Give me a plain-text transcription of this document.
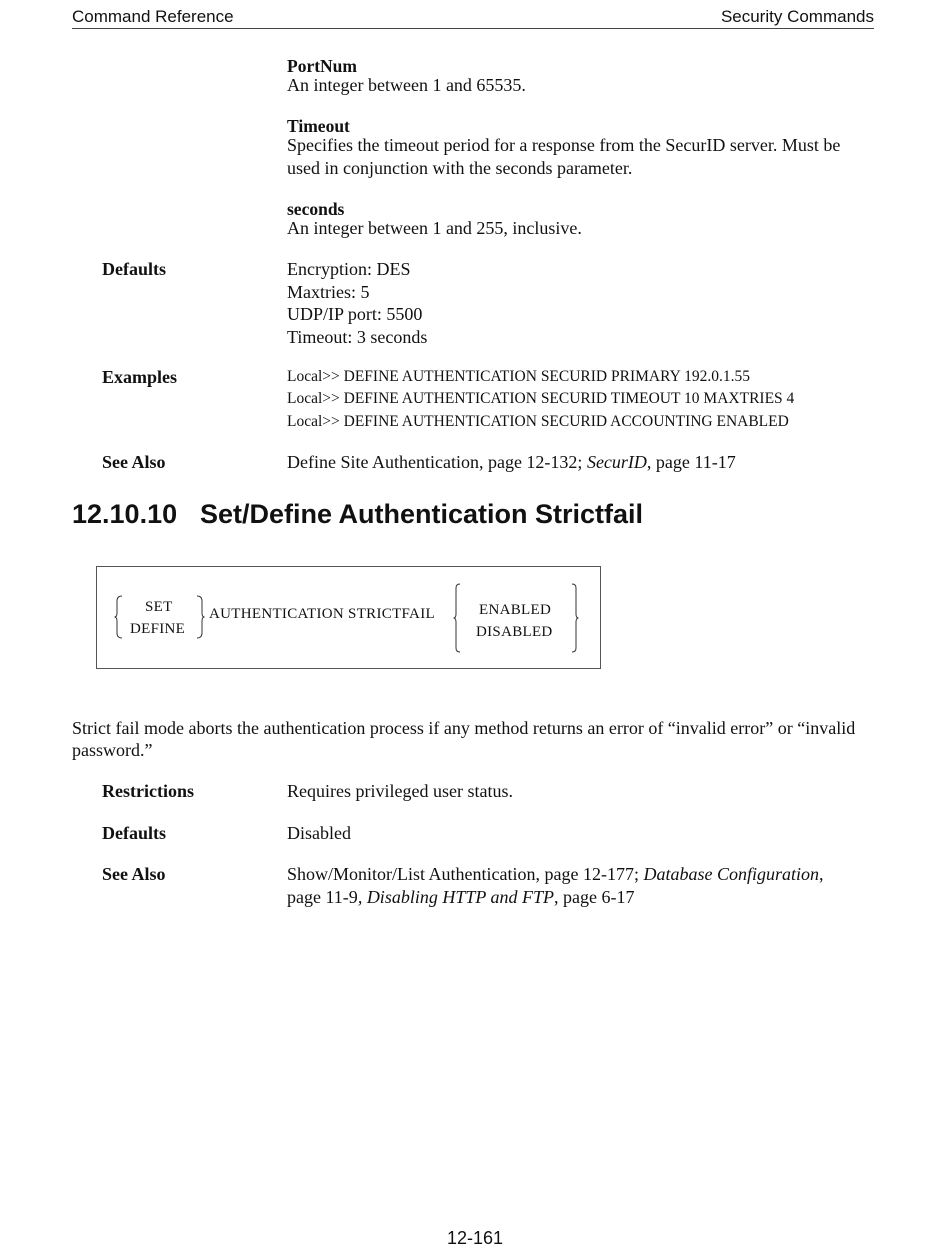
Command Reference	Security Commands
PortNum
An integer between 1 and 65535.
Timeout
Specifies the timeout period for a response from the SecurID server. Must be
used in conjunction with the seconds parameter.
seconds
An integer between 1 and 255, inclusive.
Defaults	Encryption: DES
Maxtries: 5
UDP/IP port: 5500
Timeout: 3 seconds
Examples	Local>> DEFINE AUTHENTICATION SECURID PRIMARY 192.0.1.55
Local>> DEFINE AUTHENTICATION SECURID TIMEOUT 10 MAXTRIES 4
Local>> DEFINE AUTHENTICATION SECURID ACCOUNTING ENABLED
See Also	Define Site Authentication, page 12-132; SecurID, page 11-17
12.10.10 Set/Define Authentication Strictfail
SET
DEFINE
AUTHENTICATION STRICTFAIL	ENABLED
DISABLED
Strict fail mode aborts the authentication process if any method returns an error of “invalid error” or “invalid
password.”
Restrictions	Requires privileged user status.
Defaults	Disabled
See Also	Show/Monitor/List Authentication, page 12-177; Database Configuration,
page 11-9, Disabling HTTP and FTP, page 6-17
12-161
